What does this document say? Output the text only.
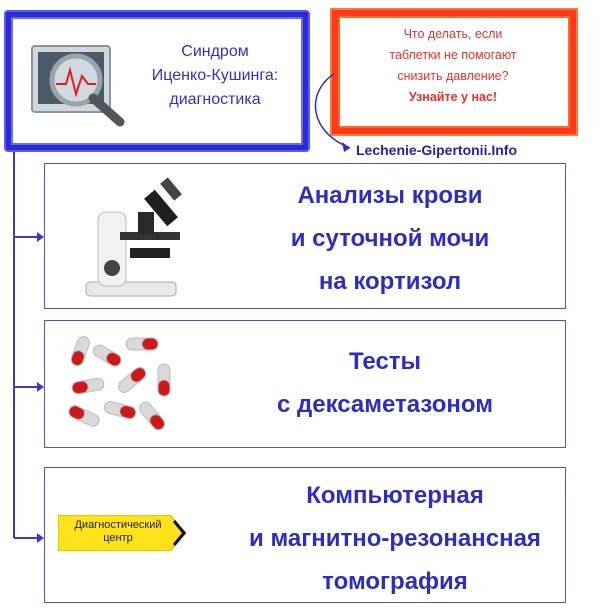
Синдром
Иценко-Кушинга:
диагностика
Что делать, если
таблетки не помогают
снизить давление?
Узнайте у нас!
Lechenie-Gipertonii.Info
Анализы крови
и суточной мочи
на кортизол
Тесты
с дексаметазоном
Диагностический
центр
Компьютерная
и магнитно-резонансная
томография
